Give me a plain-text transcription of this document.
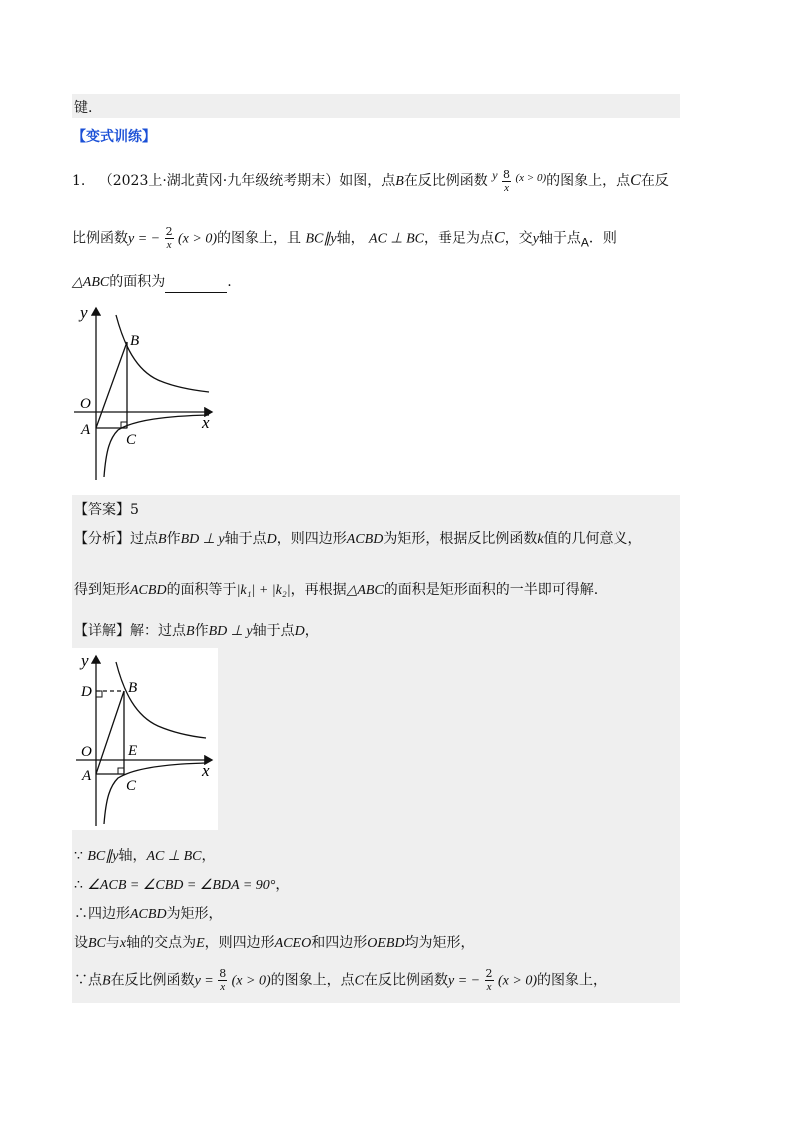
键.
【变式训练】
1. （2023上·湖北黄冈·九年级统考期末）如图，点B在反比例函数 y $\frac{8}{x} ^{(x > 0)}$的图象上，点C在反
比例函数y = − $\frac{2}{x} (x > 0)$的图象上，且 BC∥y轴， AC ⊥ BC，垂足为点C，交y轴于点A．则
△ABC的面积为	.
y
x
O
A
B
C
【答案】5
【分析】过点B作BD ⊥ y轴于点D，则四边形ACBD为矩形，根据反比例函数k值的几何意义，
得到矩形ACBD的面积等于|k₁| + |k₂|，再根据△ABC的面积是矩形面积的一半即可得解.
【详解】解：过点B作BD ⊥ y轴于点D，
y
x
O
A
B
C
D
E
∵ BC∥y轴，AC ⊥ BC，
∴ ∠ACB = ∠CBD = ∠BDA = 90°，
∴四边形ACBD为矩形，
设BC与x轴的交点为E，则四边形ACEO和四边形OEBD均为矩形，
∵点B在反比例函数$y = \frac{8}{x} (x > 0)$的图象上，点C在反比例函数y = − $\frac{2}{x} (x > 0)$的图象上，
